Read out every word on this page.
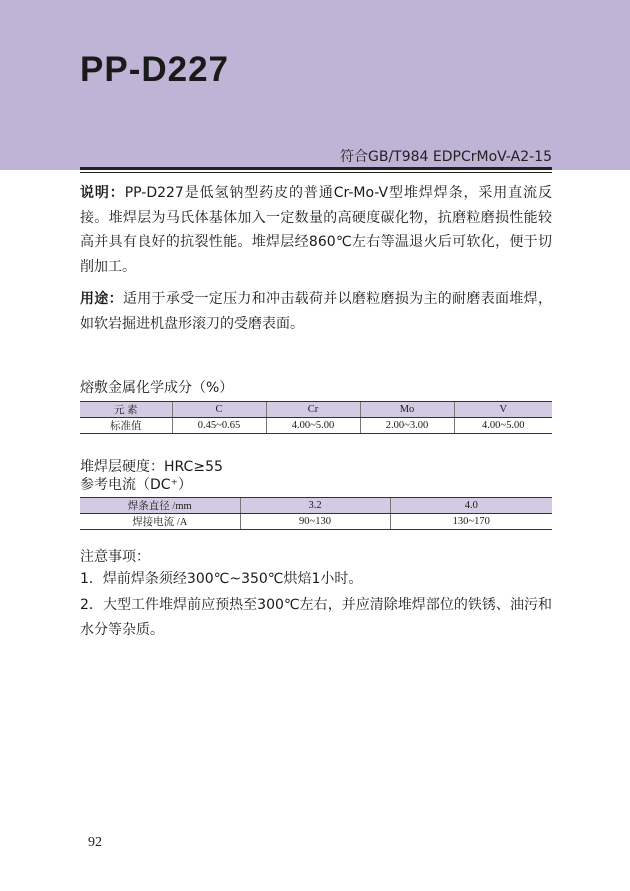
PP-D227
符合GB/T984 EDPCrMoV-A2-15
说明：PP-D227是低氢钠型药皮的普通Cr-Mo-V型堆焊焊条，采用直流反接。堆焊层为马氏体基体加入一定数量的高硬度碳化物，抗磨粒磨损性能较高并具有良好的抗裂性能。堆焊层经860℃左右等温退火后可软化，便于切削加工。
用途：适用于承受一定压力和冲击载荷并以磨粒磨损为主的耐磨表面堆焊，如软岩掘进机盘形滚刀的受磨表面。
熔敷金属化学成分（%）
元 素	C	Cr	Mo	V
标准值	0.45~0.65	4.00~5.00	2.00~3.00	4.00~5.00
堆焊层硬度：HRC≥55
参考电流（DC⁺）
焊条直径 /mm	3.2	4.0
焊接电流 /A	90~130	130~170
注意事项：
1．焊前焊条须经300℃~350℃烘焙1小时。
2．大型工件堆焊前应预热至300℃左右，并应清除堆焊部位的铁锈、油污和水分等杂质。
92
